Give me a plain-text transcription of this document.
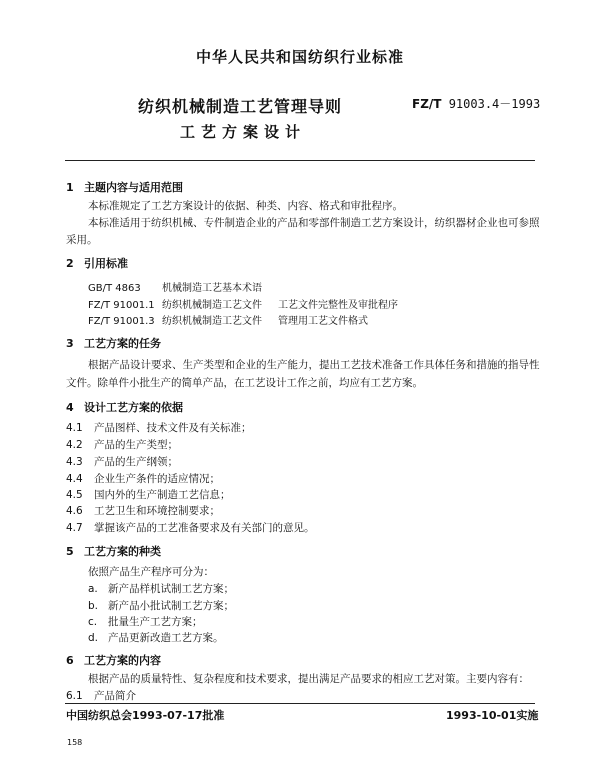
中华人民共和国纺织行业标准
纺织机械制造工艺管理导则	FZ/T 91003.4－1993
工艺方案设计
1 主题内容与适用范围
本标准规定了工艺方案设计的依据、种类、内容、格式和审批程序。
本标准适用于纺织机械、专件制造企业的产品和零部件制造工艺方案设计，纺织器材企业也可参照
采用。
2 引用标准
GB/T 4863 机械制造工艺基本术语
FZ/T 91001.1 纺织机械制造工艺文件 工艺文件完整性及审批程序
FZ/T 91001.3 纺织机械制造工艺文件 管理用工艺文件格式
3 工艺方案的任务
根据产品设计要求、生产类型和企业的生产能力，提出工艺技术准备工作具体任务和措施的指导性
文件。除单件小批生产的简单产品，在工艺设计工作之前，均应有工艺方案。
4 设计工艺方案的依据
4.1 产品图样、技术文件及有关标准；
4.2 产品的生产类型；
4.3 产品的生产纲领；
4.4 企业生产条件的适应情况；
4.5 国内外的生产制造工艺信息；
4.6 工艺卫生和环境控制要求；
4.7 掌握该产品的工艺准备要求及有关部门的意见。
5 工艺方案的种类
依照产品生产程序可分为：
a. 新产品样机试制工艺方案；
b. 新产品小批试制工艺方案；
c. 批量生产工艺方案；
d. 产品更新改造工艺方案。
6 工艺方案的内容
根据产品的质量特性、复杂程度和技术要求，提出满足产品要求的相应工艺对策。主要内容有：
6.1 产品简介
中国纺织总会1993-07-17批准	1993-10-01实施
158
